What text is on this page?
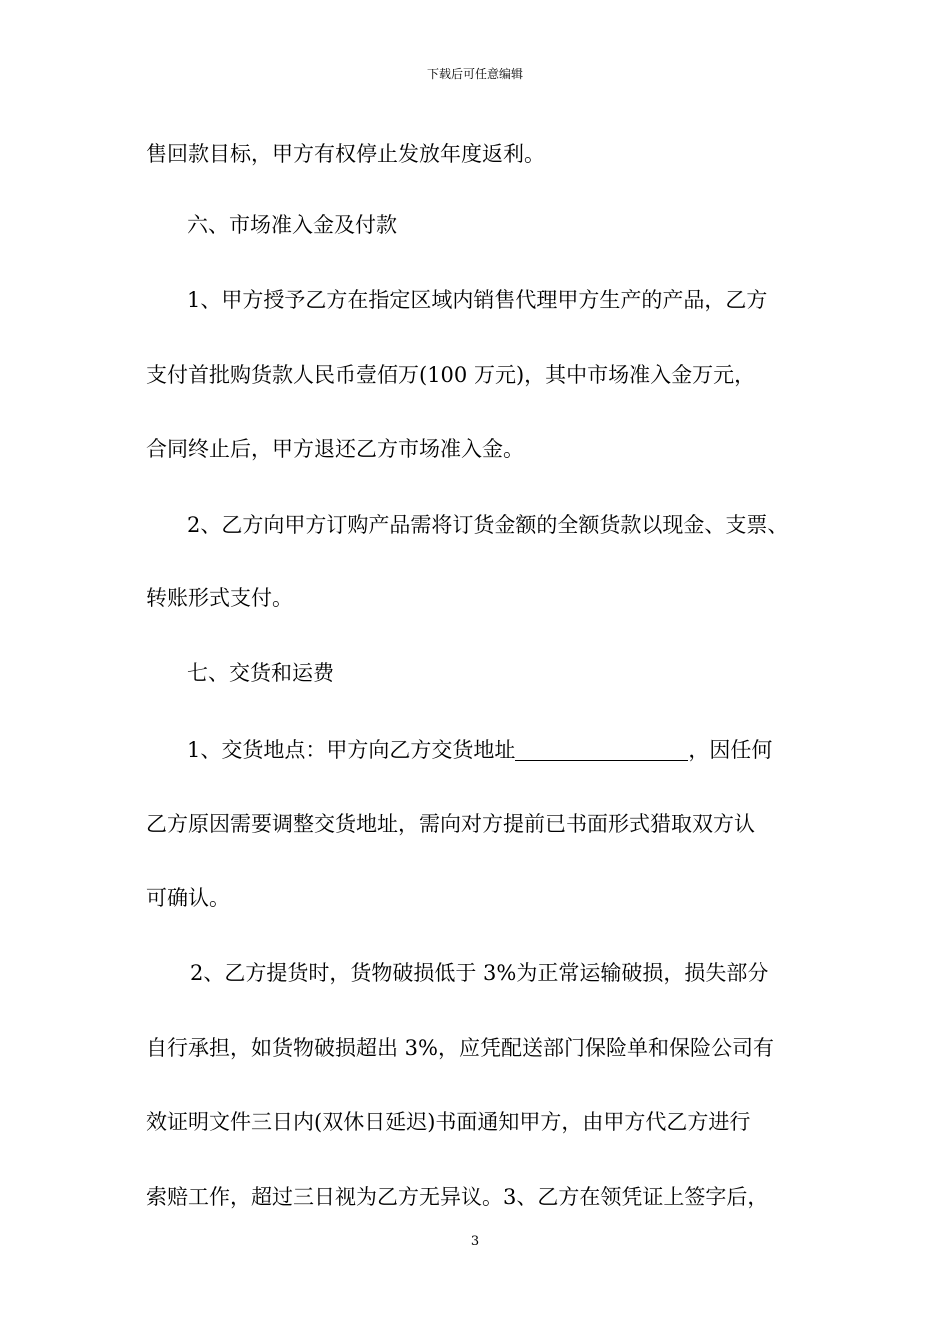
下载后可任意编辑
售回款目标，甲方有权停止发放年度返利。
六、市场准入金及付款
1、甲方授予乙方在指定区域内销售代理甲方生产的产品，乙方
支付首批购货款人民币壹佰万(100 万元)，其中市场准入金万元，
合同终止后，甲方退还乙方市场准入金。
2、乙方向甲方订购产品需将订货金额的全额货款以现金、支票、
转账形式支付。
七、交货和运费
1、交货地点：甲方向乙方交货地址	，因任何
乙方原因需要调整交货地址，需向对方提前已书面形式猎取双方认
可确认。
2、乙方提货时，货物破损低于 3%为正常运输破损，损失部分
自行承担，如货物破损超出 3%，应凭配送部门保险单和保险公司有
效证明文件三日内(双休日延迟)书面通知甲方，由甲方代乙方进行
索赔工作，超过三日视为乙方无异议。3、乙方在领凭证上签字后，
3
